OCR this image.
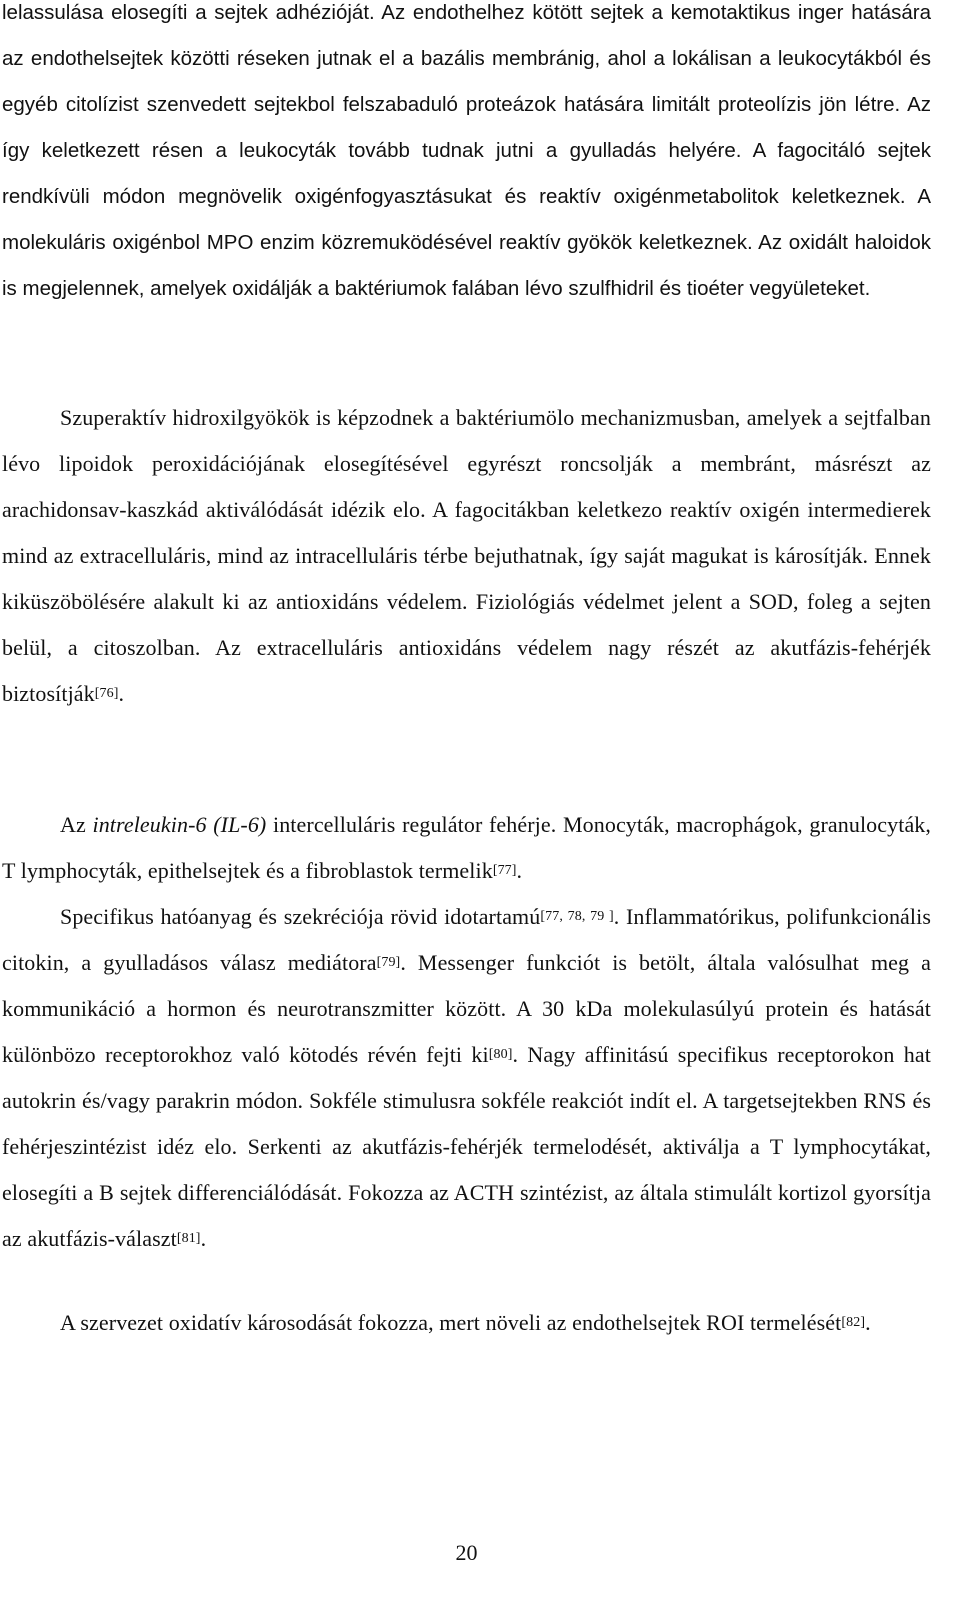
lelassulása elosegíti a sejtek adhézióját. Az endothelhez kötött sejtek a kemotaktikus inger hatására az endothelsejtek közötti réseken jutnak el a bazális membránig, ahol a lokálisan a leukocytákból és egyéb citolízist szenvedett sejtekbol felszabaduló proteázok hatására limitált proteolízis jön létre. Az így keletkezett résen a leukocyták tovább tudnak jutni a gyulladás helyére. A fagocitáló sejtek rendkívüli módon megnövelik oxigénfogyasztásukat és reaktív oxigénmetabolitok keletkeznek. A molekuláris oxigénbol MPO enzim közremuködésével reaktív gyökök keletkeznek. Az oxidált haloidok is megjelennek, amelyek oxidálják a baktériumok falában lévo szulfhidril és tioéter vegyületeket.

Szuperaktív hidroxilgyökök is képzodnek a baktériumölo mechanizmusban, amelyek a sejtfalban lévo lipoidok peroxidációjának elosegítésével egyrészt roncsolják a membránt, másrészt az arachidonsav-kaszkád aktiválódását idézik elo. A fagocitákban keletkezo reaktív oxigén intermedierek mind az extracelluláris, mind az intracelluláris térbe bejuthatnak, így saját magukat is károsítják. Ennek kiküszöbölésére alakult ki az antioxidáns védelem. Fiziológiás védelmet jelent a SOD, foleg a sejten belül, a citoszolban. Az extracelluláris antioxidáns védelem nagy részét az akutfázis-fehérjék biztosítják[76].

Az intreleukin-6 (IL-6) intercelluláris regulátor fehérje. Monocyták, macrophágok, granulocyták, T lymphocyták, epithelsejtek és a fibroblastok termelik[77].
Specifikus hatóanyag és szekréciója rövid idotartamú[77, 78, 79 ]. Inflammatórikus, polifunkcionális citokin, a gyulladásos válasz mediátora[79]. Messenger funkciót is betölt, általa valósulhat meg a kommunikáció a hormon és neurotranszmitter között. A 30 kDa molekulasúlyú protein és hatását különbözo receptorokhoz való kötodés révén fejti ki[80]. Nagy affinitású specifikus receptorokon hat autokrin és/vagy parakrin módon. Sokféle stimulusra sokféle reakciót indít el. A targetsejtekben RNS és fehérjeszintézist idéz elo. Serkenti az akutfázis-fehérjék termelodését, aktiválja a T lymphocytákat, elosegíti a B sejtek differenciálódását. Fokozza az ACTH szintézist, az általa stimulált kortizol gyorsítja az akutfázis-választ[81].

A szervezet oxidatív károsodását fokozza, mert növeli az endothelsejtek ROI termelését[82].

20
